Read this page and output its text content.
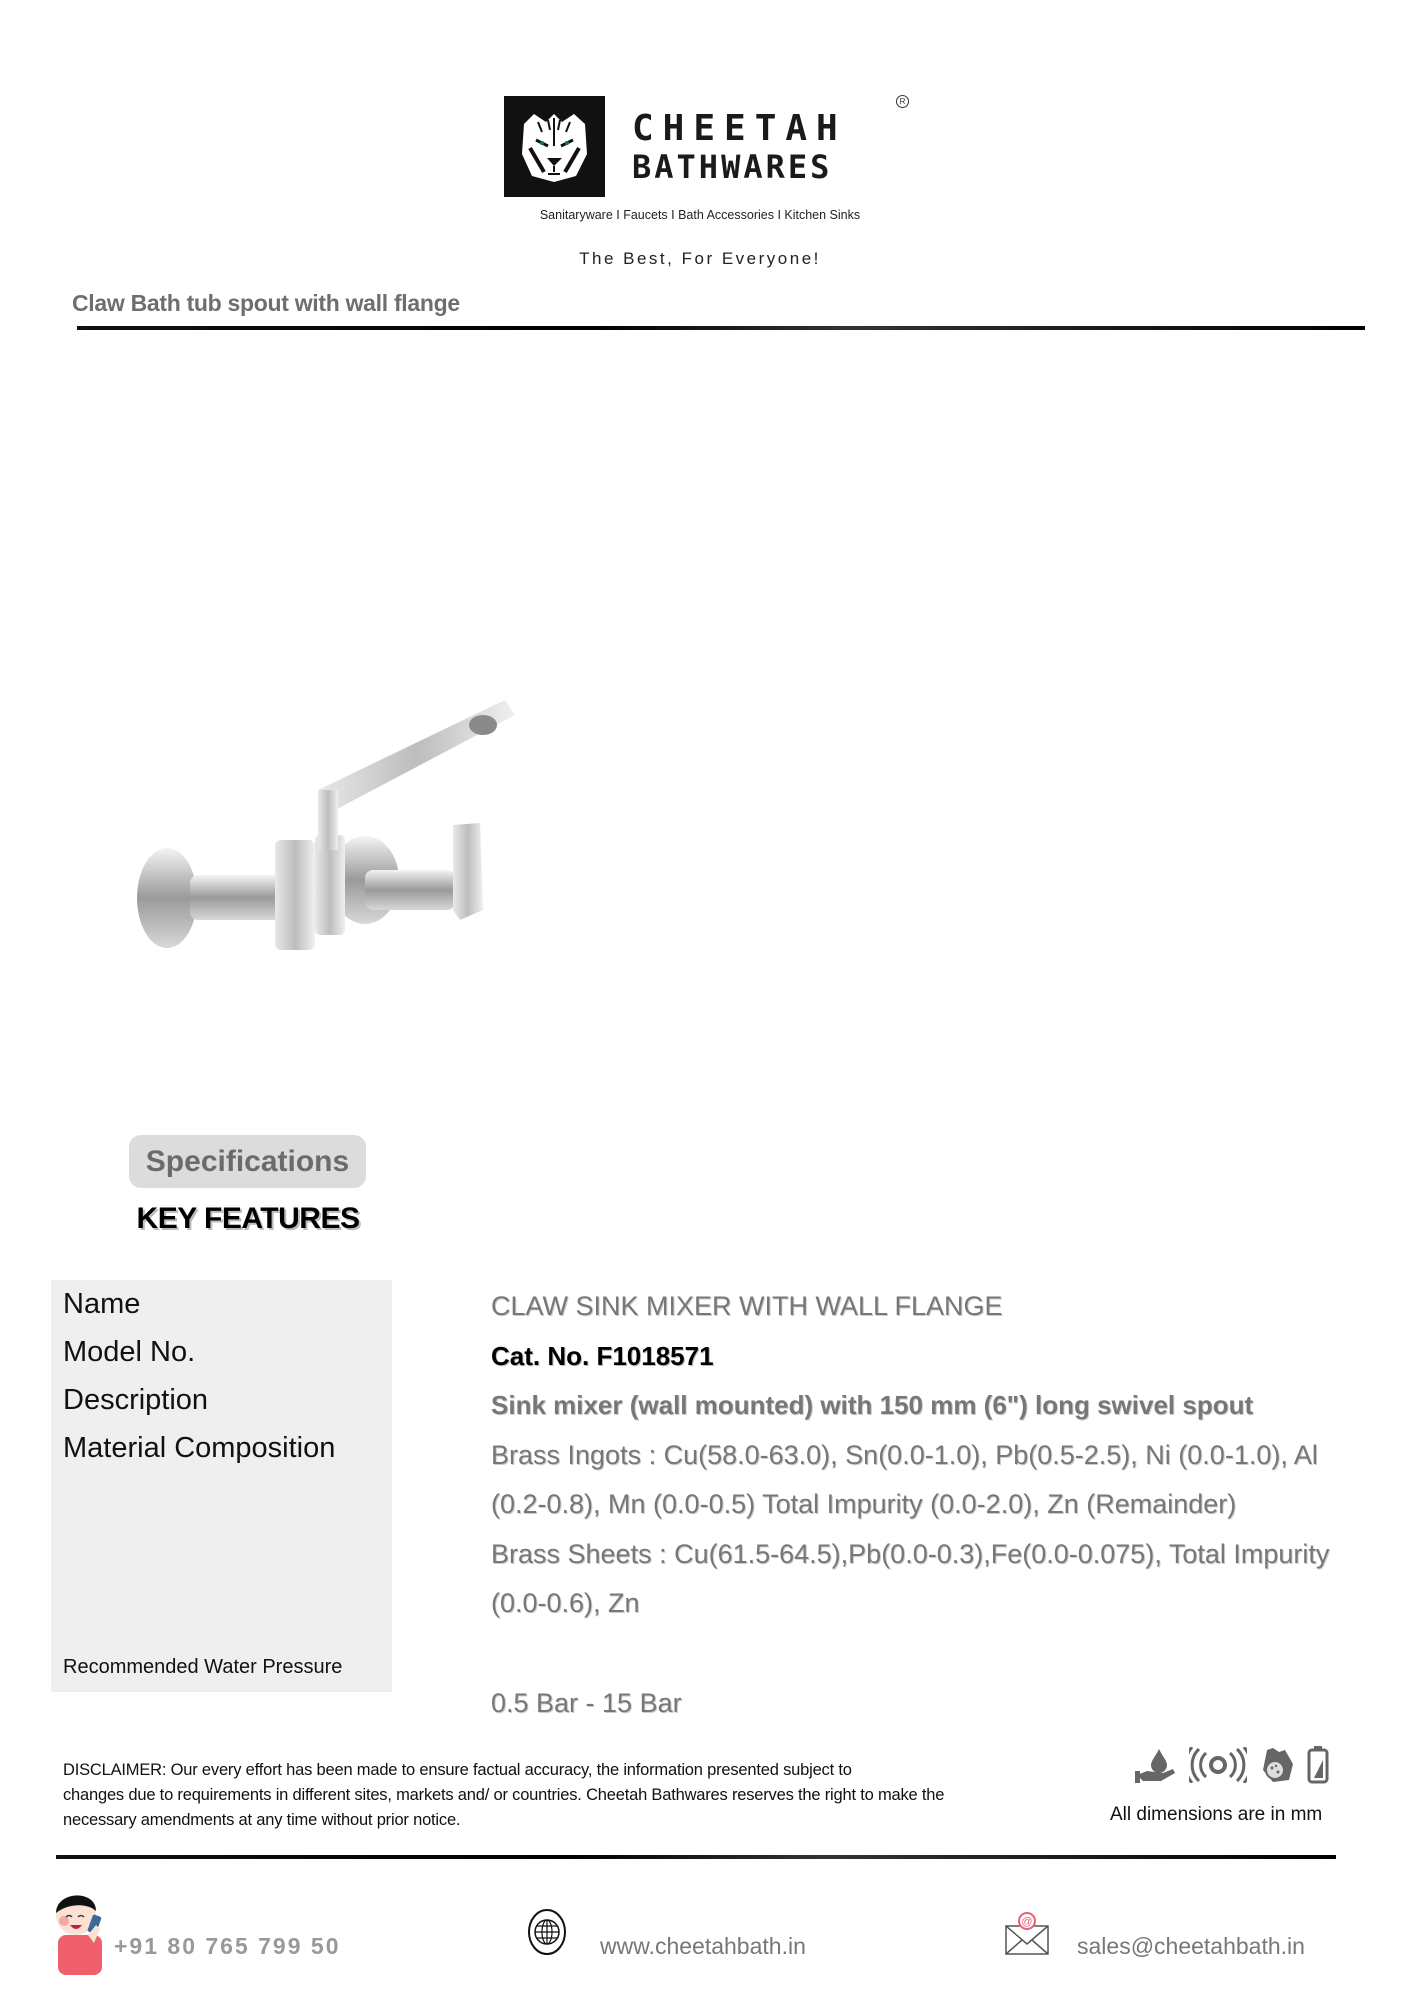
CHEETAH
BATHWARES
R
Sanitaryware I Faucets I Bath Accessories I Kitchen Sinks
The Best, For Everyone!
Claw Bath tub spout with wall flange
Specifications
KEY FEATURES
Name
Model No.
Description
Material Composition
Recommended Water Pressure
CLAW SINK MIXER WITH WALL FLANGE
Cat. No. F1018571
Sink mixer (wall mounted) with 150 mm (6") long swivel spout
Brass Ingots : Cu(58.0-63.0), Sn(0.0-1.0), Pb(0.5-2.5), Ni (0.0-1.0), Al
(0.2-0.8), Mn (0.0-0.5) Total Impurity (0.0-2.0), Zn (Remainder)
Brass Sheets : Cu(61.5-64.5),Pb(0.0-0.3),Fe(0.0-0.075), Total Impurity
(0.0-0.6), Zn
0.5 Bar - 15 Bar
DISCLAIMER: Our every effort has been made to ensure factual accuracy, the information presented subject to
changes due to requirements in different sites, markets and/ or countries. Cheetah Bathwares reserves the right to make the
necessary amendments at any time without prior notice.	All dimensions are in mm
+91 80 765 799 50	www.cheetahbath.in
@
sales@cheetahbath.in
